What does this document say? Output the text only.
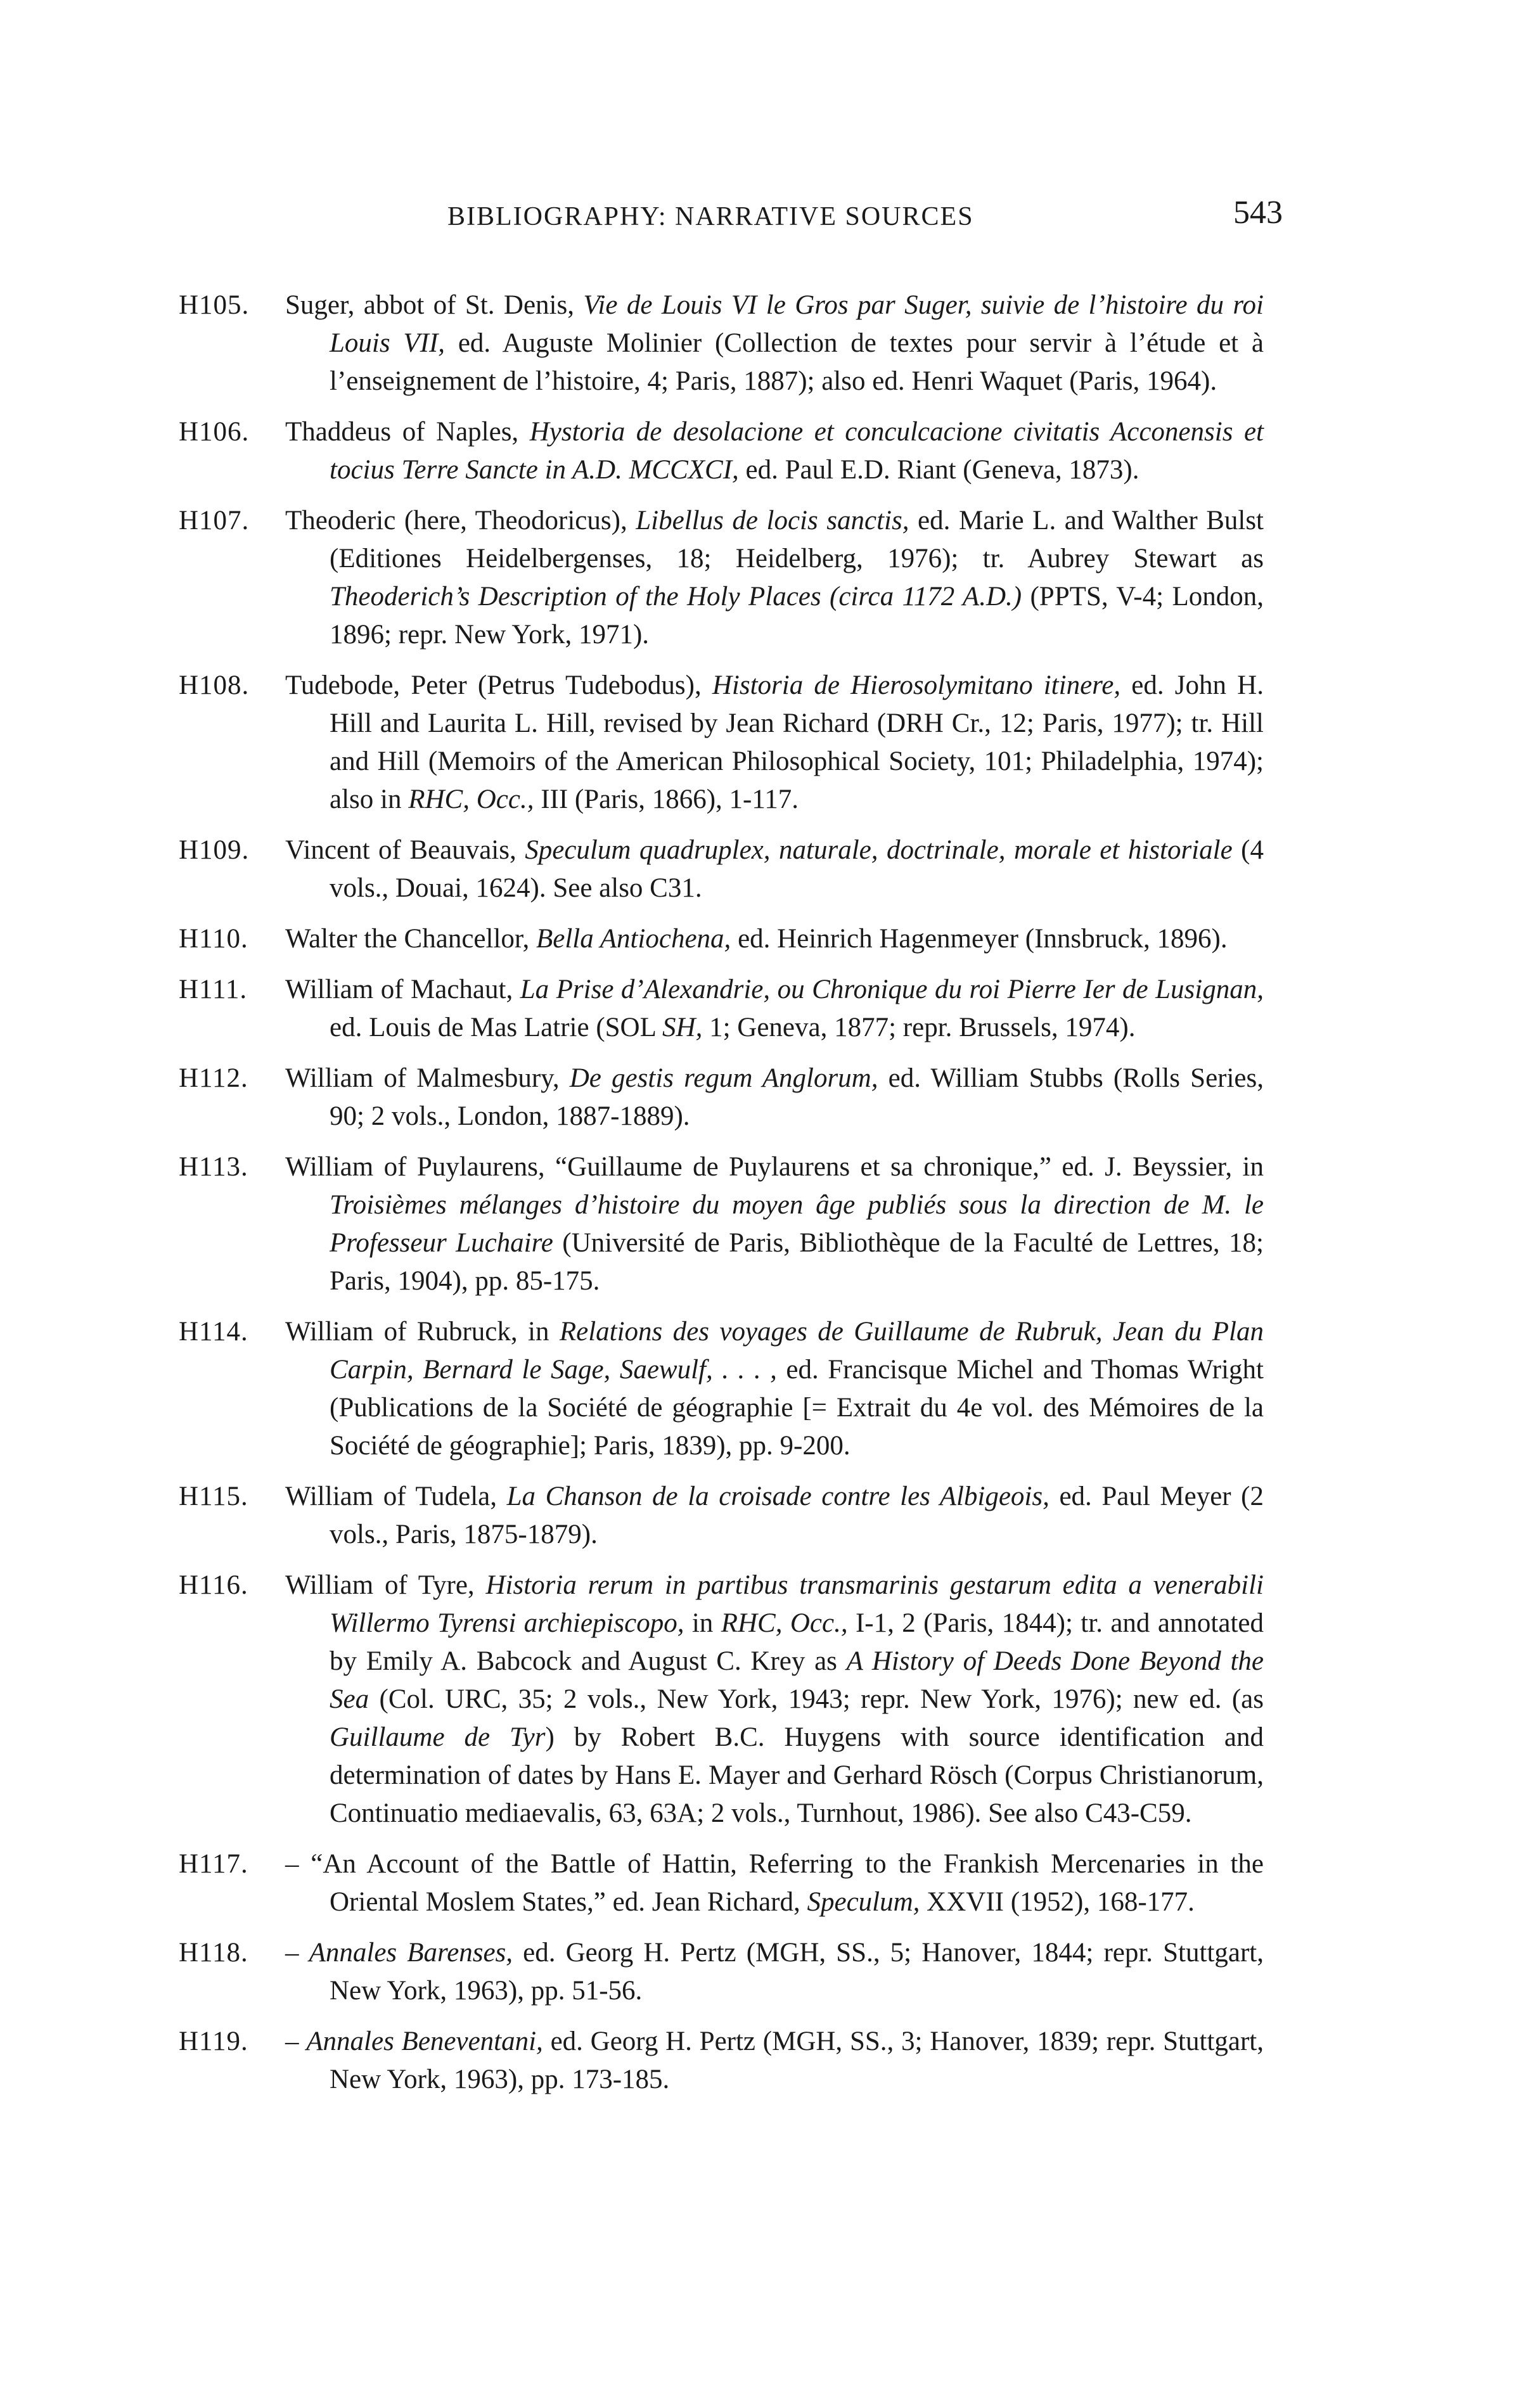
BIBLIOGRAPHY: NARRATIVE SOURCES	543
H105. Suger, abbot of St. Denis, Vie de Louis VI le Gros par Suger, suivie de l’histoire du roi Louis VII, ed. Auguste Molinier (Collection de textes pour servir à l’étude et à l’enseignement de l’histoire, 4; Paris, 1887); also ed. Henri Waquet (Paris, 1964).
H106. Thaddeus of Naples, Hystoria de desolacione et conculcacione civitatis Acconensis et tocius Terre Sancte in A.D. MCCXCI, ed. Paul E.D. Riant (Geneva, 1873).
H107. Theoderic (here, Theodoricus), Libellus de locis sanctis, ed. Marie L. and Walther Bulst (Editiones Heidelbergenses, 18; Heidelberg, 1976); tr. Aubrey Stewart as Theoderich’s Description of the Holy Places (circa 1172 A.D.) (PPTS, V-4; London, 1896; repr. New York, 1971).
H108. Tudebode, Peter (Petrus Tudebodus), Historia de Hierosolymitano itinere, ed. John H. Hill and Laurita L. Hill, revised by Jean Richard (DRH Cr., 12; Paris, 1977); tr. Hill and Hill (Memoirs of the American Philosophical Society, 101; Philadelphia, 1974); also in RHC, Occ., III (Paris, 1866), 1-117.
H109. Vincent of Beauvais, Speculum quadruplex, naturale, doctrinale, morale et historiale (4 vols., Douai, 1624). See also C31.
H110. Walter the Chancellor, Bella Antiochena, ed. Heinrich Hagenmeyer (Innsbruck, 1896).
H111. William of Machaut, La Prise d’Alexandrie, ou Chronique du roi Pierre Ier de Lusignan, ed. Louis de Mas Latrie (SOL SH, 1; Geneva, 1877; repr. Brussels, 1974).
H112. William of Malmesbury, De gestis regum Anglorum, ed. William Stubbs (Rolls Series, 90; 2 vols., London, 1887-1889).
H113. William of Puylaurens, “Guillaume de Puylaurens et sa chronique,” ed. J. Beyssier, in Troisièmes mélanges d’histoire du moyen âge publiés sous la direction de M. le Professeur Luchaire (Université de Paris, Bibliothèque de la Faculté de Lettres, 18; Paris, 1904), pp. 85-175.
H114. William of Rubruck, in Relations des voyages de Guillaume de Rubruk, Jean du Plan Carpin, Bernard le Sage, Saewulf, . . . , ed. Francisque Michel and Thomas Wright (Publications de la Société de géographie [= Extrait du 4e vol. des Mémoires de la Société de géographie]; Paris, 1839), pp. 9-200.
H115. William of Tudela, La Chanson de la croisade contre les Albigeois, ed. Paul Meyer (2 vols., Paris, 1875-1879).
H116. William of Tyre, Historia rerum in partibus transmarinis gestarum edita a venerabili Willermo Tyrensi archiepiscopo, in RHC, Occ., I-1, 2 (Paris, 1844); tr. and annotated by Emily A. Babcock and August C. Krey as A History of Deeds Done Beyond the Sea (Col. URC, 35; 2 vols., New York, 1943; repr. New York, 1976); new ed. (as Guillaume de Tyr) by Robert B.C. Huygens with source identification and determination of dates by Hans E. Mayer and Gerhard Rösch (Corpus Christianorum, Continuatio mediaevalis, 63, 63A; 2 vols., Turnhout, 1986). See also C43-C59.
H117. – “An Account of the Battle of Hattin, Referring to the Frankish Mercenaries in the Oriental Moslem States,” ed. Jean Richard, Speculum, XXVII (1952), 168-177.
H118. – Annales Barenses, ed. Georg H. Pertz (MGH, SS., 5; Hanover, 1844; repr. Stuttgart, New York, 1963), pp. 51-56.
H119. – Annales Beneventani, ed. Georg H. Pertz (MGH, SS., 3; Hanover, 1839; repr. Stuttgart, New York, 1963), pp. 173-185.
